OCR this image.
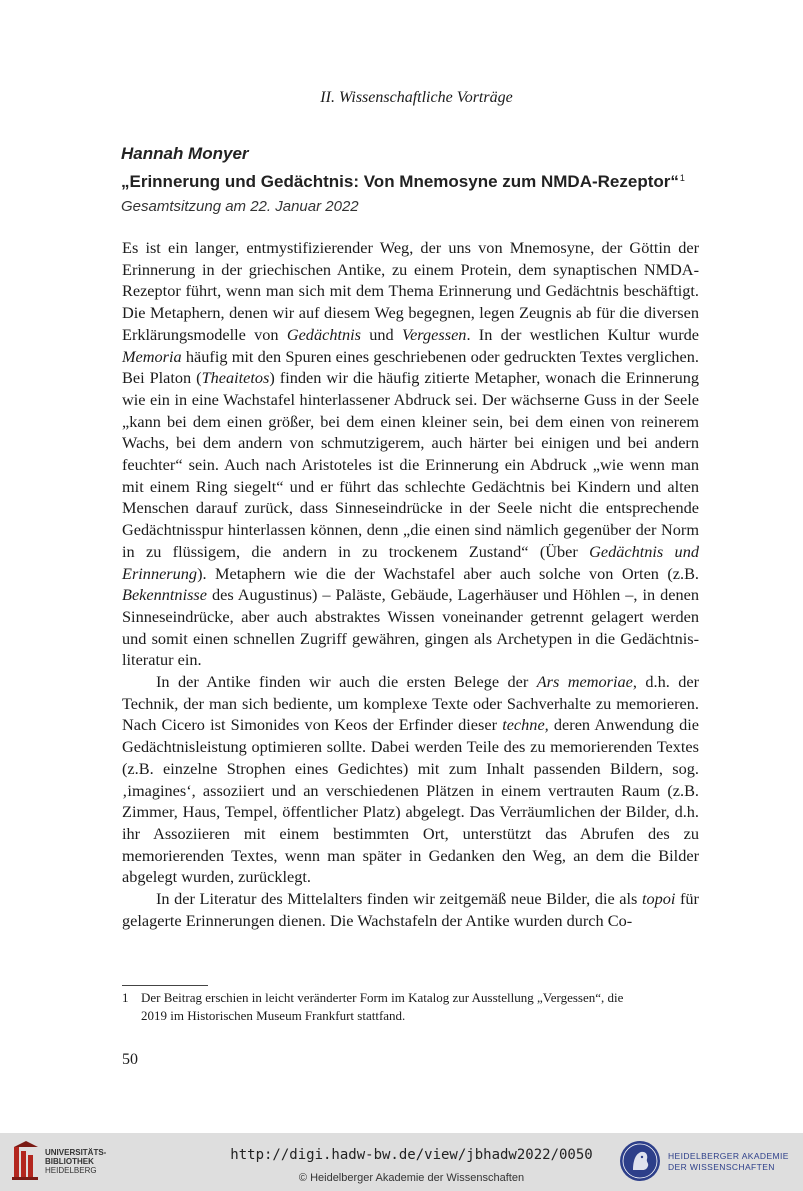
II. Wissenschaftliche Vorträge
Hannah Monyer
„Erinnerung und Gedächtnis: Von Mnemosyne zum NMDA-Rezeptor“$^1$
Gesamtsitzung am 22. Januar 2022

Es ist ein langer, entmystifizierender Weg, der uns von Mnemosyne, der Göttin der Erinnerung in der griechischen Antike, zu einem Protein, dem synaptischen NMDA-Rezeptor führt, wenn man sich mit dem Thema Erinnerung und Gedächtnis beschäftigt. Die Metaphern, denen wir auf diesem Weg begegnen, legen Zeugnis ab für die diversen Erklärungsmodelle von Gedächtnis und Vergessen. In der westlichen Kultur wurde Memoria häufig mit den Spuren eines geschriebenen oder gedruckten Textes verglichen. Bei Platon (Theaitetos) finden wir die häufig zitierte Metapher, wonach die Erinnerung wie ein in eine Wachstafel hinterlassener Abdruck sei. Der wächserne Guss in der Seele „kann bei dem einen größer, bei dem einen kleiner sein, bei dem einen von reinerem Wachs, bei dem andern von schmutzigerem, auch härter bei einigen und bei andern feuchter“ sein. Auch nach Aristoteles ist die Erinnerung ein Abdruck „wie wenn man mit einem Ring siegelt“ und er führt das schlechte Gedächtnis bei Kindern und alten Menschen darauf zurück, dass Sinneseindrücke in der Seele nicht die entsprechende Gedächtnisspur hinterlassen können, denn „die einen sind nämlich gegenüber der Norm in zu flüssigem, die andern in zu trockenem Zustand“ (Über Gedächtnis und Erinnerung). Metaphern wie die der Wachstafel aber auch solche von Orten (z.B. Bekenntnisse des Augustinus) – Paläste, Gebäude, Lagerhäuser und Höhlen –, in denen Sinneseindrücke, aber auch abstraktes Wissen voneinander getrennt gelagert werden und somit einen schnellen Zugriff gewähren, gingen als Archetypen in die Gedächtnisliteratur ein.

In der Antike finden wir auch die ersten Belege der Ars memoriae, d.h. der Technik, der man sich bediente, um komplexe Texte oder Sachverhalte zu memorieren. Nach Cicero ist Simonides von Keos der Erfinder dieser techne, deren Anwendung die Gedächtnisleistung optimieren sollte. Dabei werden Teile des zu memorierenden Textes (z.B. einzelne Strophen eines Gedichtes) mit zum Inhalt passenden Bildern, sog. ‚imagines‘, assoziiert und an verschiedenen Plätzen in einem vertrauten Raum (z.B. Zimmer, Haus, Tempel, öffentlicher Platz) abgelegt. Das Verräumlichen der Bilder, d.h. ihr Assoziieren mit einem bestimmten Ort, unterstützt das Abrufen des zu memorierenden Textes, wenn man später in Gedanken den Weg, an dem die Bilder abgelegt wurden, zurücklegt.

In der Literatur des Mittelalters finden wir zeitgemäß neue Bilder, die als topoi für gelagerte Erinnerungen dienen. Die Wachstafeln der Antike wurden durch Co-

1 Der Beitrag erschien in leicht veränderter Form im Katalog zur Ausstellung „Vergessen“, die
2019 im Historischen Museum Frankfurt stattfand.
50
UNIVERSITÄTS-
BIBLIOTHEK
HEIDELBERG
http://digi.hadw-bw.de/view/jbhadw2022/0050
© Heidelberger Akademie der Wissenschaften
HEIDELBERGER AKADEMIE
DER WISSENSCHAFTEN
